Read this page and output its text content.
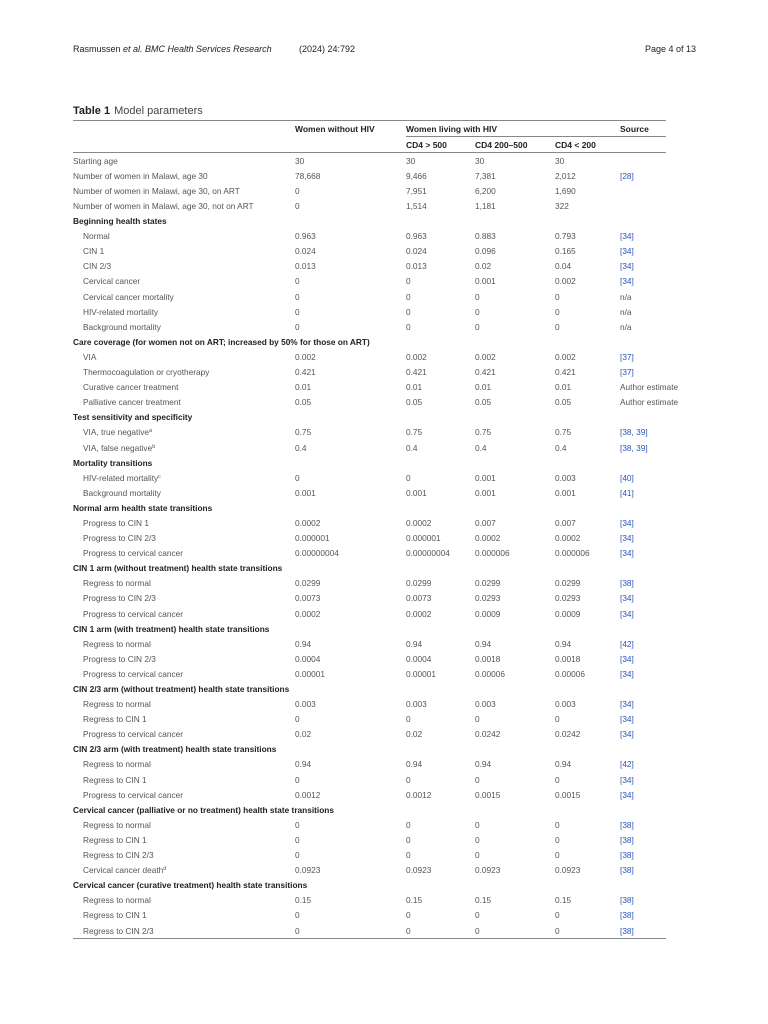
Rasmussen et al. BMC Health Services Research	(2024) 24:792	Page 4 of 13
Table 1 Model parameters
	Women without HIV	Women living with HIV			Source
		CD4 > 500	CD4 200–500	CD4 < 200	
Starting age	30	30	30	30	
Number of women in Malawi, age 30	78,668	9,466	7,381	2,012	[28]
Number of women in Malawi, age 30, on ART	0	7,951	6,200	1,690	
Number of women in Malawi, age 30, not on ART	0	1,514	1,181	322	
Beginning health states					
Normal	0.963	0.963	0.883	0.793	[34]
CIN 1	0.024	0.024	0.096	0.165	[34]
CIN 2/3	0.013	0.013	0.02	0.04	[34]
Cervical cancer	0	0	0.001	0.002	[34]
Cervical cancer mortality	0	0	0	0	n/a
HIV-related mortality	0	0	0	0	n/a
Background mortality	0	0	0	0	n/a
Care coverage (for women not on ART; increased by 50% for those on ART)					
VIA	0.002	0.002	0.002	0.002	[37]
Thermocoagulation or cryotherapy	0.421	0.421	0.421	0.421	[37]
Curative cancer treatment	0.01	0.01	0.01	0.01	Author estimate
Palliative cancer treatment	0.05	0.05	0.05	0.05	Author estimate
Test sensitivity and specificity					
VIA, true negative$^a$	0.75	0.75	0.75	0.75	[38, 39]
VIA, false negative$^b$	0.4	0.4	0.4	0.4	[38, 39]
Mortality transitions					
HIV-related mortality$^c$	0	0	0.001	0.003	[40]
Background mortality	0.001	0.001	0.001	0.001	[41]
Normal arm health state transitions					
Progress to CIN 1	0.0002	0.0002	0.007	0.007	[34]
Progress to CIN 2/3	0.000001	0.000001	0.0002	0.0002	[34]
Progress to cervical cancer	0.00000004	0.00000004	0.000006	0.000006	[34]
CIN 1 arm (without treatment) health state transitions					
Regress to normal	0.0299	0.0299	0.0299	0.0299	[38]
Progress to CIN 2/3	0.0073	0.0073	0.0293	0.0293	[34]
Progress to cervical cancer	0.0002	0.0002	0.0009	0.0009	[34]
CIN 1 arm (with treatment) health state transitions					
Regress to normal	0.94	0.94	0.94	0.94	[42]
Progress to CIN 2/3	0.0004	0.0004	0.0018	0.0018	[34]
Progress to cervical cancer	0.00001	0.00001	0.00006	0.00006	[34]
CIN 2/3 arm (without treatment) health state transitions					
Regress to normal	0.003	0.003	0.003	0.003	[34]
Regress to CIN 1	0	0	0	0	[34]
Progress to cervical cancer	0.02	0.02	0.0242	0.0242	[34]
CIN 2/3 arm (with treatment) health state transitions					
Regress to normal	0.94	0.94	0.94	0.94	[42]
Regress to CIN 1	0	0	0	0	[34]
Progress to cervical cancer	0.0012	0.0012	0.0015	0.0015	[34]
Cervical cancer (palliative or no treatment) health state transitions					
Regress to normal	0	0	0	0	[38]
Regress to CIN 1	0	0	0	0	[38]
Regress to CIN 2/3	0	0	0	0	[38]
Cervical cancer death$^d$	0.0923	0.0923	0.0923	0.0923	[38]
Cervical cancer (curative treatment) health state transitions					
Regress to normal	0.15	0.15	0.15	0.15	[38]
Regress to CIN 1	0	0	0	0	[38]
Regress to CIN 2/3	0	0	0	0	[38]
